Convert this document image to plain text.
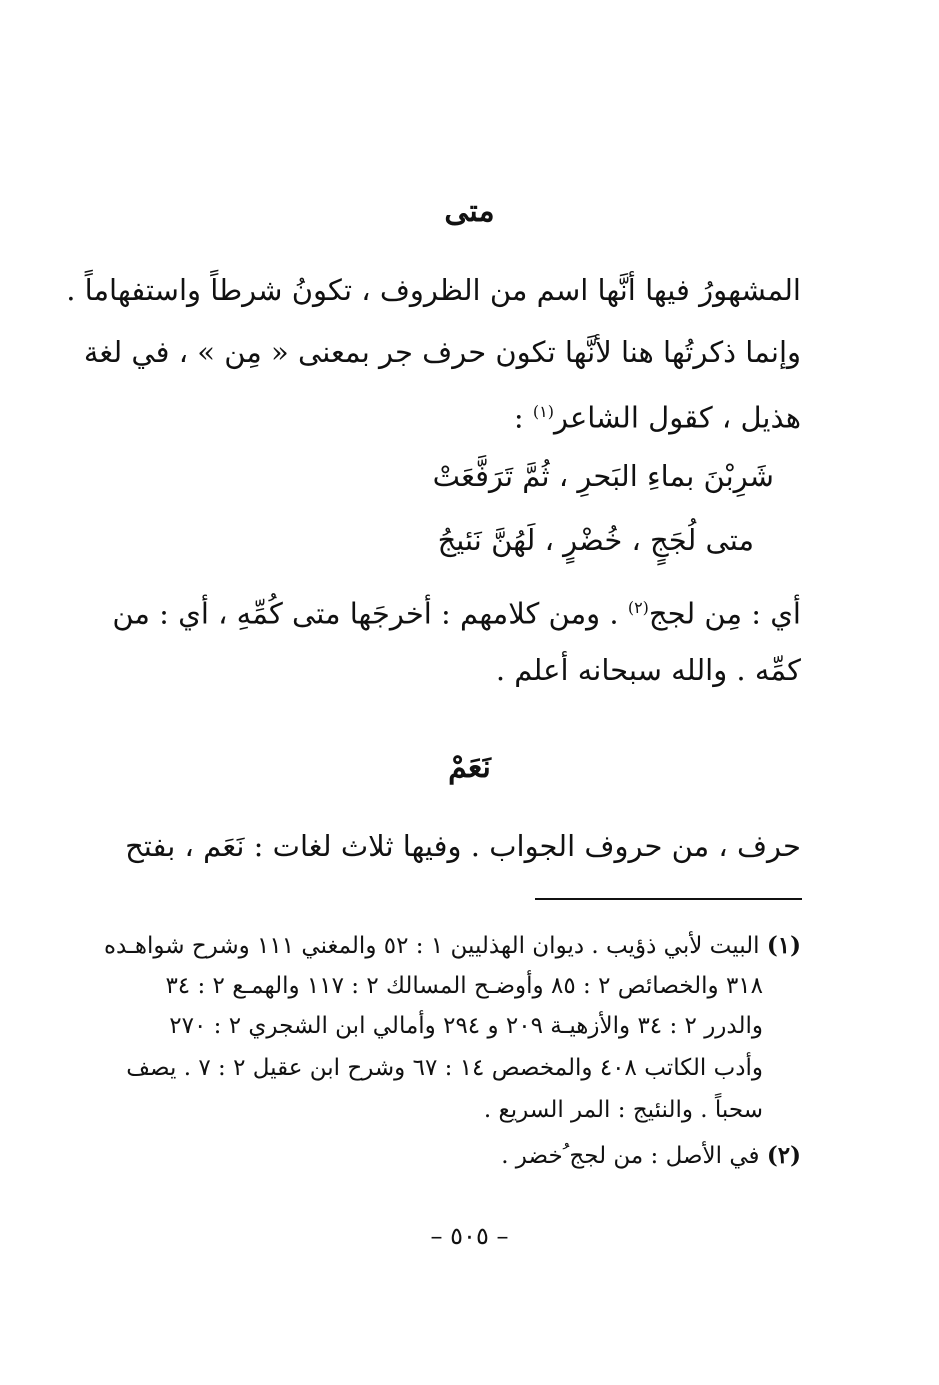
متى
المشهورُ فيها أنَّها اسم من الظروف ، تكونُ شرطاً واستفهاماً .
وإنما ذكرتُها هنا لأنَّها تكون حرف جر بمعنى « مِن » ، في لغة
هذيل ، كقول الشاعر$^{(١)}$ :
شَرِبْنَ بماءِ البَحرِ ، ثُمَّ تَرَفَّعَتْ
متى لُجَجٍ ، خُضْرٍ ، لَهُنَّ نَئيجُ
أي : مِن لجج$^{(٢)}$ . ومن كلامهم : أخرجَها متى كُمِّهِ ، أي : من
كمِّه . والله سبحانه أعلم .
نَعَمْ
حرف ، من حروف الجواب . وفيها ثلاث لغات : نَعَم ، بفتح
(١) البيت لأبي ذؤيب . ديوان الهذليين ١ : ٥٢ والمغني ١١١ وشرح شواهـده
٣١٨ والخصائص ٢ : ٨٥ وأوضـح المسالك ٢ : ١١٧ والهمـع ٢ : ٣٤
والدرر ٢ : ٣٤ والأزهيـة ٢٠٩ و ٢٩٤ وأمالي ابن الشجري ٢ : ٢٧٠
وأدب الكاتب ٤٠٨ والمخصص ١٤ : ٦٧ وشرح ابن عقيل ٢ : ٧ . يصف
سحباً . والنئيج : المر السريع .
(٢) في الأصل : من لجج ُخضر .
– ٥٠٥ –
